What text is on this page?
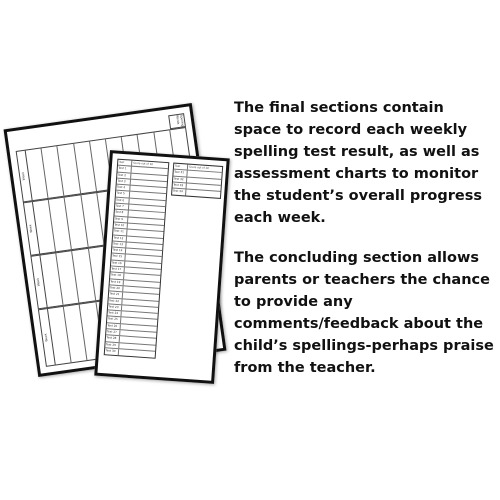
Spelling Words
Week
Week
Week
Week
Test	Score out of 10
Test 1
Test 2
Test 3
Test 4
Test 5
Test 6
Test 7
Test 8
Test 9
Test 10
Test 11
Test 12
Test 13
Test 14
Test 15
Test 16
Test 17
Test 18
Test 19
Test 20
Test 21
Test 22
Test 23
Test 24
Test 25
Test 26
Test 27
Test 28
Test 29
Test 30
Test	Score out of 10
Test 31
Test 32
Test 33
Test 34

The final sections contain space to record each weekly spelling test result, as well as assessment charts to monitor the student’s overall progress each week.

The concluding section allows parents or teachers the chance to provide any comments/feedback about the child’s spellings-perhaps praise from the teacher.
